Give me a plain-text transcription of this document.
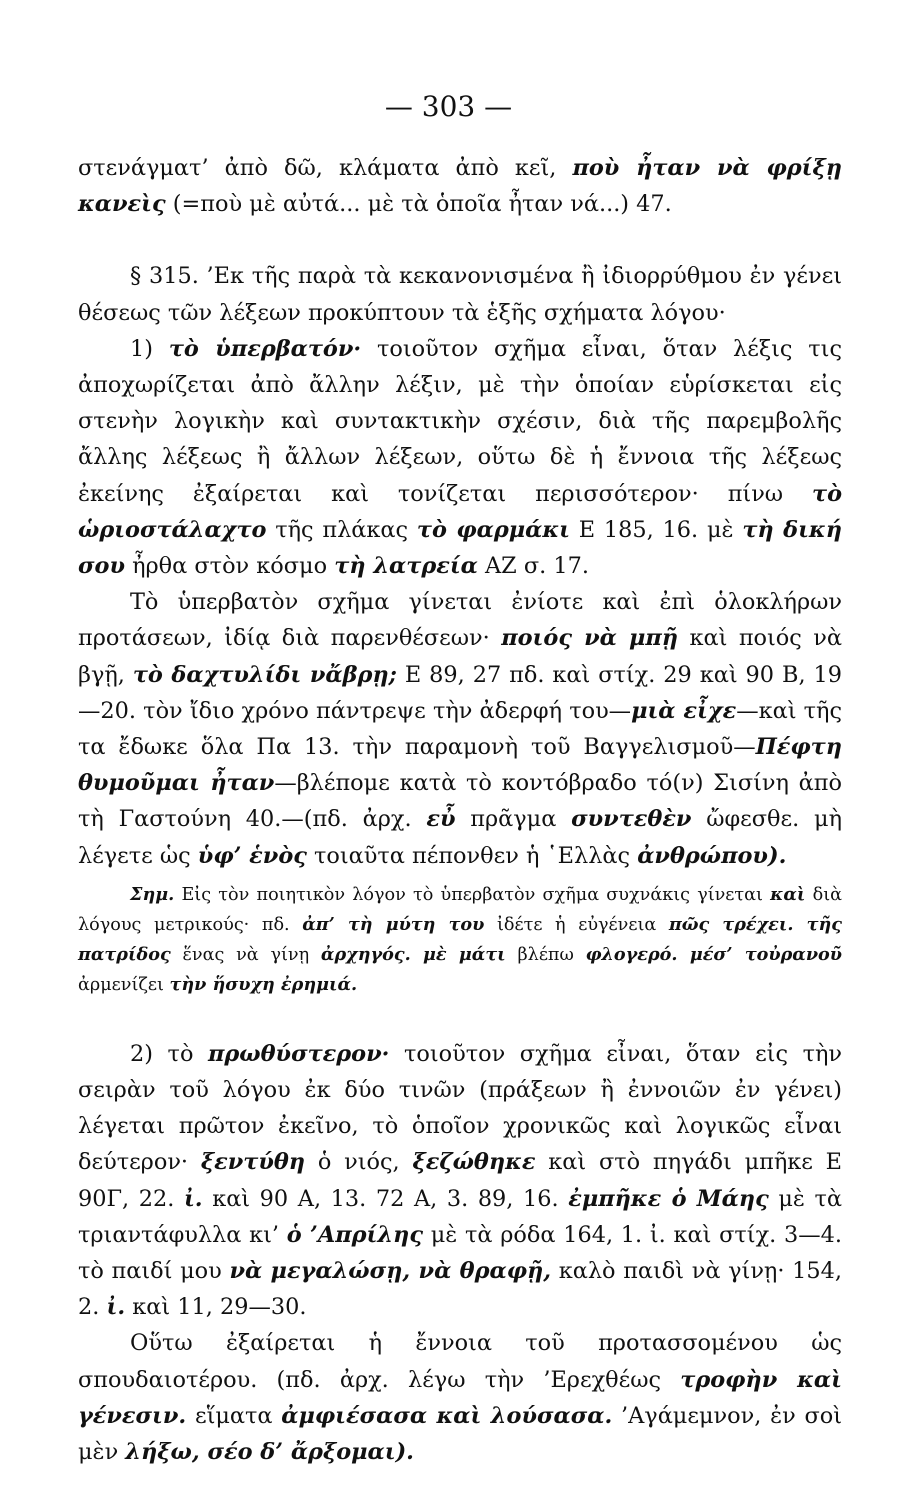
— 303 —

στενάγματ’ ἀπὸ δῶ, κλάματα ἀπὸ κεῖ, ποὺ ἦταν νὰ φρίξῃ κανεὶς (=ποὺ μὲ αὐτά... μὲ τὰ ὁποῖα ἦταν νά...) 47.

§ 315. ’Εκ τῆς παρὰ τὰ κεκανονισμένα ἢ ἰδιορρύθμου ἐν γένει θέσεως τῶν λέξεων προκύπτουν τὰ ἑξῆς σχήματα λόγου·

1) τὸ ὑπερβατόν· τοιοῦτον σχῆμα εἶναι, ὅταν λέξις τις ἀποχωρίζεται ἀπὸ ἄλλην λέξιν, μὲ τὴν ὁποίαν εὑρίσκεται εἰς στενὴν λογικὴν καὶ συντακτικὴν σχέσιν, διὰ τῆς παρεμβολῆς ἄλλης λέξεως ἢ ἄλλων λέξεων, οὕτω δὲ ἡ ἔννοια τῆς λέξεως ἐκείνης ἐξαίρεται καὶ τονίζεται περισσότερον· πίνω τὸ ὡριοστάλαχτο τῆς πλάκας τὸ φαρμάκι Ε 185, 16. μὲ τὴ δική σου ἦρθα στὸν κόσμο τὴ λατρεία ΑΖ σ. 17.

Τὸ ὑπερβατὸν σχῆμα γίνεται ἐνίοτε καὶ ἐπὶ ὁλοκλήρων προτάσεων, ἰδίᾳ διὰ παρενθέσεων· ποιός νὰ μπῇ καὶ ποιός νὰ βγῇ, τὸ δαχτυλίδι νἄβρῃ; Ε 89, 27 πδ. καὶ στίχ. 29 καὶ 90 Β, 19—20. τὸν ἴδιο χρόνο πάντρεψε τὴν ἀδερφή του—μιὰ εἶχε—καὶ τῆς τα ἔδωκε ὅλα Πα 13. τὴν παραμονὴ τοῦ Βαγγελισμοῦ—Πέφτη θυμοῦμαι ἦταν—βλέπομε κατὰ τὸ κοντόβραδο τό(ν) Σισίνη ἀπὸ τὴ Γαστούνη 40.—(πδ. ἀρχ. εὖ πρᾶγμα συντεθὲν ὤφεσθε. μὴ λέγετε ὡς ὑφ’ ἑνὸς τοιαῦτα πέπονθεν ἡ ῾Ελλὰς ἀνθρώπου).

Σημ. Εἰς τὸν ποιητικὸν λόγον τὸ ὑπερβατὸν σχῆμα συχνάκις γίνεται καὶ διὰ λόγους μετρικούς· πδ. ἀπ’ τὴ μύτη του ἰδέτε ἡ εὐγένεια πῶς τρέχει. τῆς πατρίδος ἕνας νὰ γίνῃ ἀρχηγός. μὲ μάτι βλέπω φλογερό. μέσ’ τοὐρανοῦ ἀρμενίζει τὴν ἥσυχη ἐρημιά.

2) τὸ πρωθύστερον· τοιοῦτον σχῆμα εἶναι, ὅταν εἰς τὴν σειρὰν τοῦ λόγου ἐκ δύο τινῶν (πράξεων ἢ ἐννοιῶν ἐν γένει) λέγεται πρῶτον ἐκεῖνο, τὸ ὁποῖον χρονικῶς καὶ λογικῶς εἶναι δεύτερον· ξεντύθη ὁ νιός, ξεζώθηκε καὶ στὸ πηγάδι μπῆκε Ε 90Γ, 22. ἰ. καὶ 90 Α, 13. 72 Α, 3. 89, 16. ἐμπῆκε ὁ Μάης μὲ τὰ τριαντάφυλλα κι’ ὁ ’Απρίλης μὲ τὰ ρόδα 164, 1. ἰ. καὶ στίχ. 3—4. τὸ παιδί μου νὰ μεγαλώσῃ, νὰ θραφῇ, καλὸ παιδὶ νὰ γίνῃ· 154, 2. ἰ. καὶ 11, 29—30.

Οὕτω ἐξαίρεται ἡ ἔννοια τοῦ προτασσομένου ὡς σπουδαιοτέρου. (πδ. ἀρχ. λέγω τὴν ’Ερεχθέως τροφὴν καὶ γένεσιν. εἵματα ἀμφιέσασα καὶ λούσασα. ’Αγάμεμνον, ἐν σοὶ μὲν λήξω, σέο δ’ ἄρξομαι).
